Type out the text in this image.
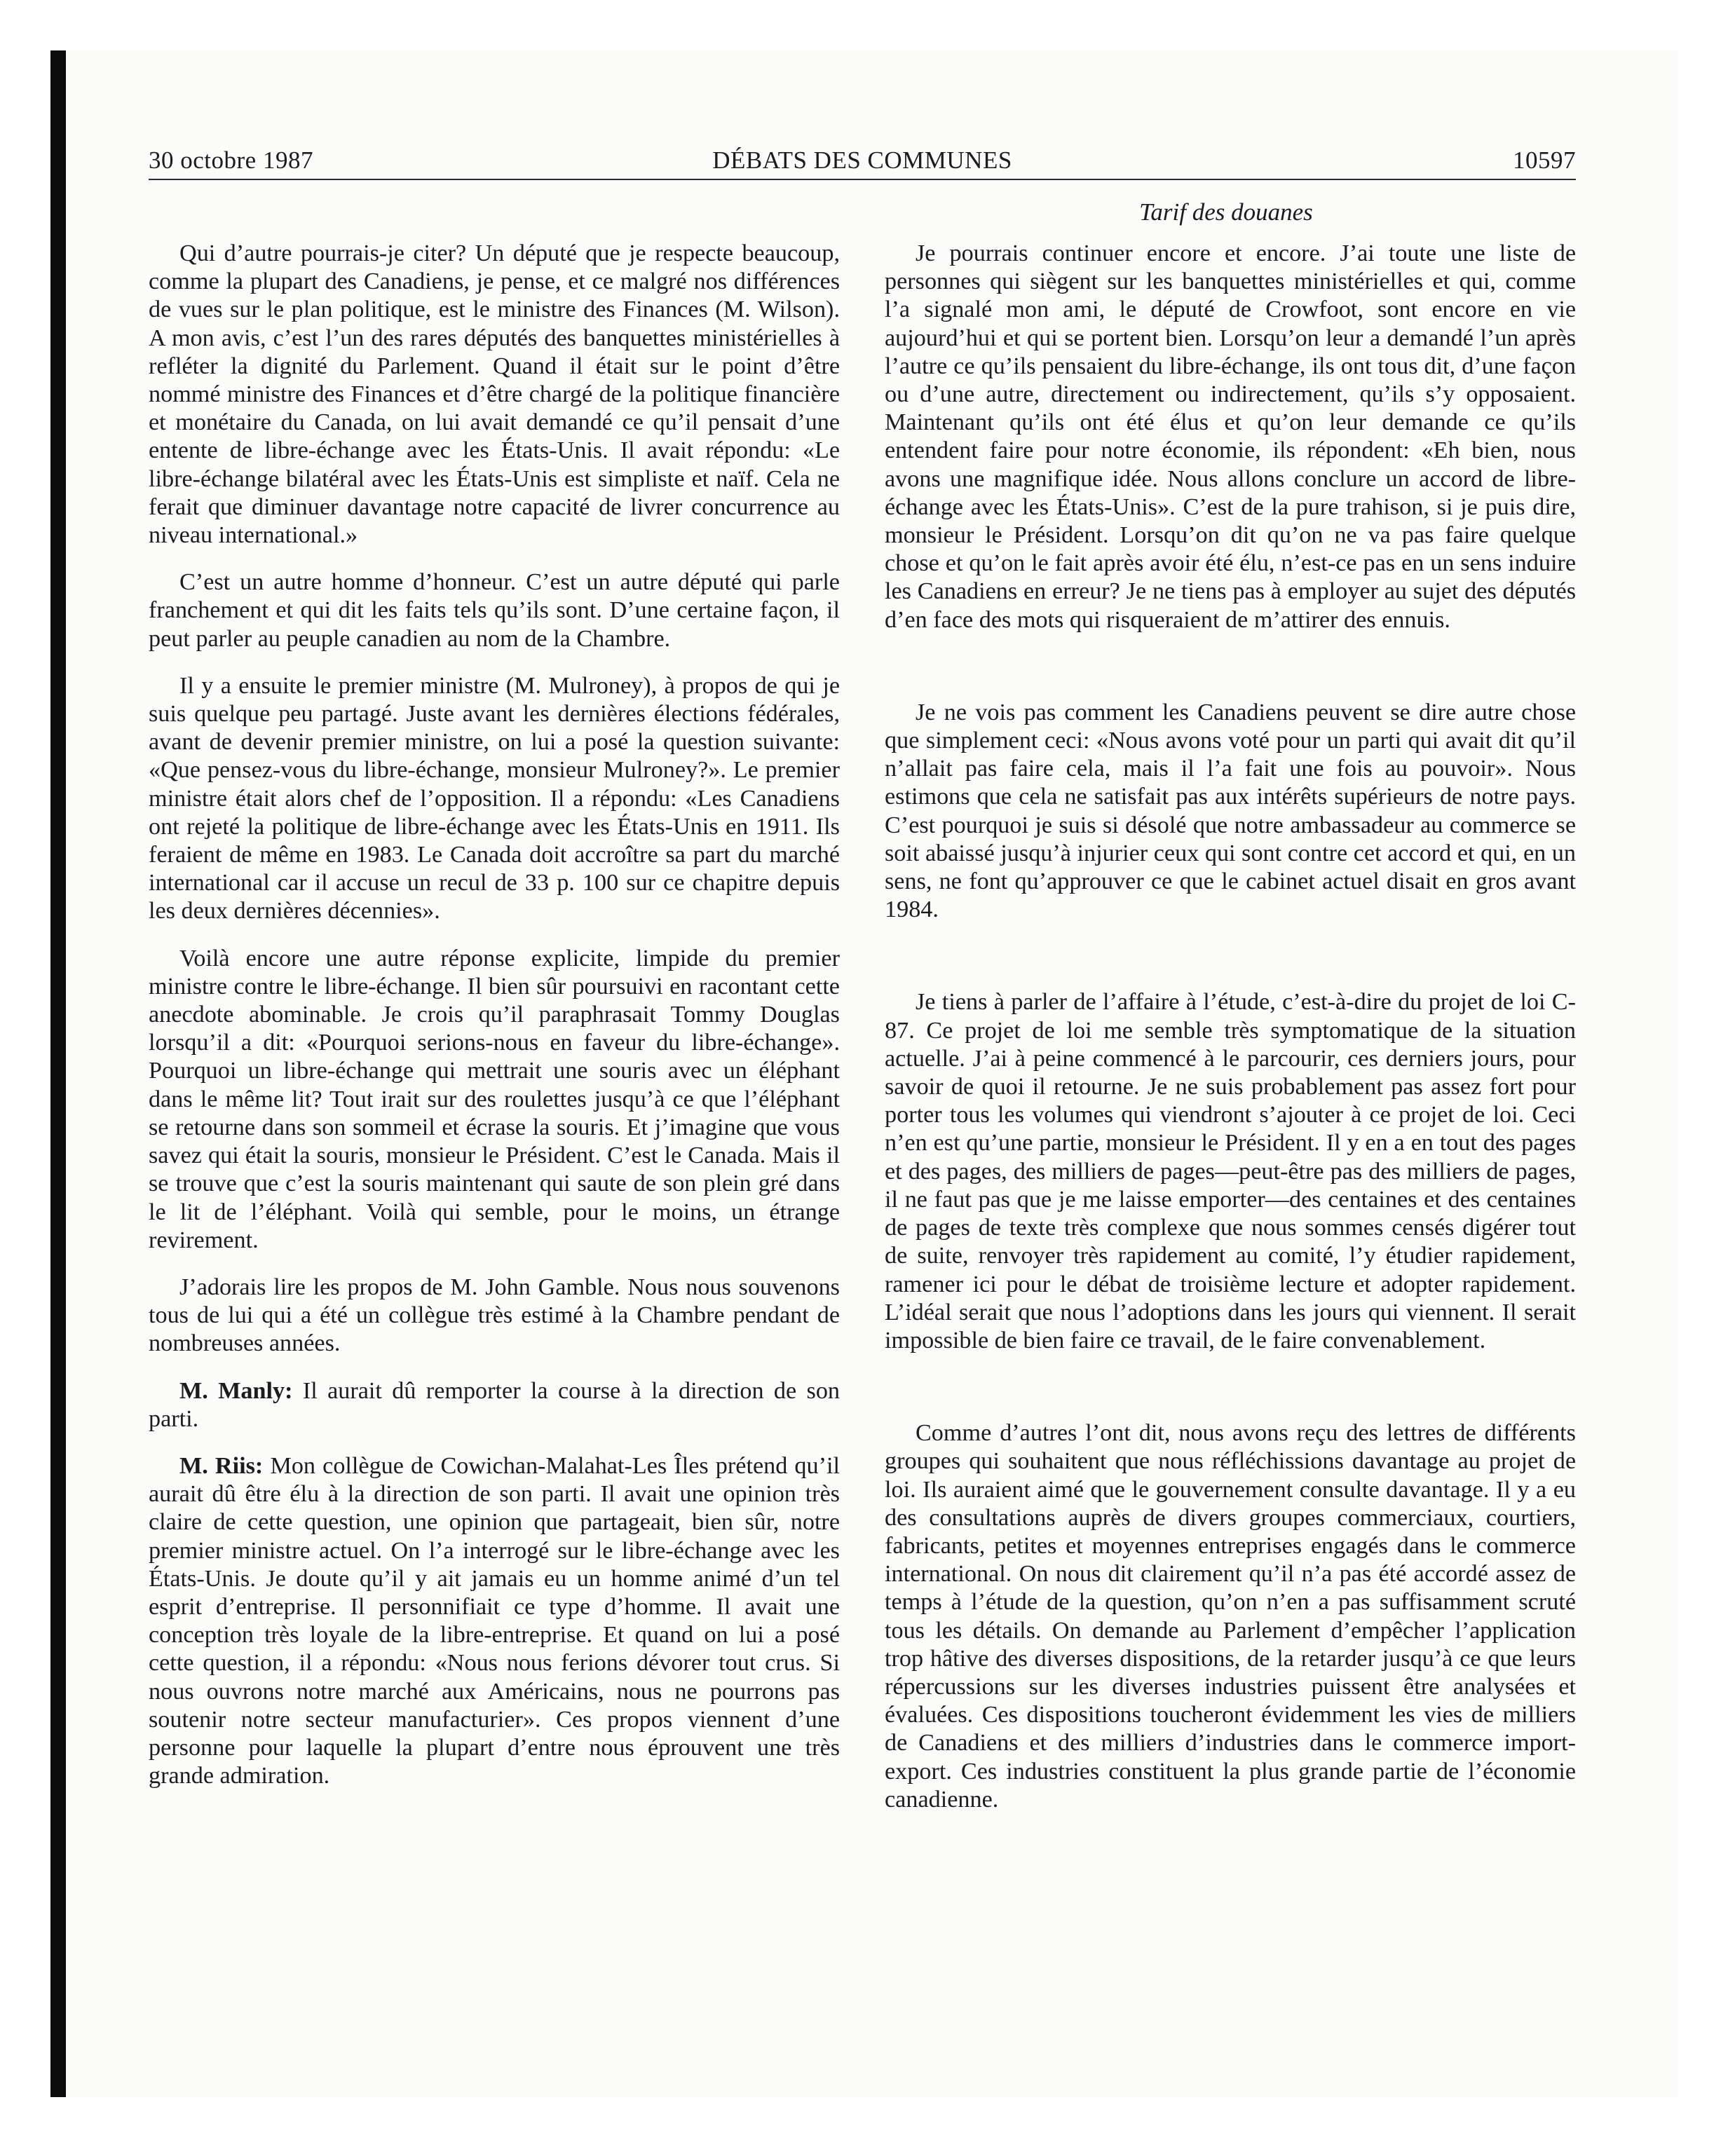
30 octobre 1987	DÉBATS DES COMMUNES	10597
Tarif des douanes

Qui d’autre pourrais-je citer? Un député que je respecte beaucoup, comme la plupart des Canadiens, je pense, et ce malgré nos différences de vues sur le plan politique, est le ministre des Finances (M. Wilson). A mon avis, c’est l’un des rares députés des banquettes ministérielles à refléter la dignité du Parlement. Quand il était sur le point d’être nommé ministre des Finances et d’être chargé de la politique financière et monétaire du Canada, on lui avait demandé ce qu’il pensait d’une entente de libre-échange avec les États-Unis. Il avait répondu: «Le libre-échange bilatéral avec les États-Unis est simpliste et naïf. Cela ne ferait que diminuer davantage notre capacité de livrer concurrence au niveau international.»

C’est un autre homme d’honneur. C’est un autre député qui parle franchement et qui dit les faits tels qu’ils sont. D’une certaine façon, il peut parler au peuple canadien au nom de la Chambre.

Il y a ensuite le premier ministre (M. Mulroney), à propos de qui je suis quelque peu partagé. Juste avant les dernières élections fédérales, avant de devenir premier ministre, on lui a posé la question suivante: «Que pensez-vous du libre-échange, monsieur Mulroney?». Le premier ministre était alors chef de l’opposition. Il a répondu: «Les Canadiens ont rejeté la politique de libre-échange avec les États-Unis en 1911. Ils feraient de même en 1983. Le Canada doit accroître sa part du marché international car il accuse un recul de 33 p. 100 sur ce chapitre depuis les deux dernières décennies».

Voilà encore une autre réponse explicite, limpide du premier ministre contre le libre-échange. Il bien sûr poursuivi en racontant cette anecdote abominable. Je crois qu’il paraphrasait Tommy Douglas lorsqu’il a dit: «Pourquoi serions-nous en faveur du libre-échange». Pourquoi un libre-échange qui mettrait une souris avec un éléphant dans le même lit? Tout irait sur des roulettes jusqu’à ce que l’éléphant se retourne dans son sommeil et écrase la souris. Et j’imagine que vous savez qui était la souris, monsieur le Président. C’est le Canada. Mais il se trouve que c’est la souris maintenant qui saute de son plein gré dans le lit de l’éléphant. Voilà qui semble, pour le moins, un étrange revirement.

J’adorais lire les propos de M. John Gamble. Nous nous souvenons tous de lui qui a été un collègue très estimé à la Chambre pendant de nombreuses années.

M. Manly: Il aurait dû remporter la course à la direction de son parti.

M. Riis: Mon collègue de Cowichan-Malahat-Les Îles prétend qu’il aurait dû être élu à la direction de son parti. Il avait une opinion très claire de cette question, une opinion que partageait, bien sûr, notre premier ministre actuel. On l’a interrogé sur le libre-échange avec les États-Unis. Je doute qu’il y ait jamais eu un homme animé d’un tel esprit d’entreprise. Il personnifiait ce type d’homme. Il avait une conception très loyale de la libre-entreprise. Et quand on lui a posé cette question, il a répondu: «Nous nous ferions dévorer tout crus. Si nous ouvrons notre marché aux Américains, nous ne pourrons pas soutenir notre secteur manufacturier». Ces propos viennent d’une personne pour laquelle la plupart d’entre nous éprouvent une très grande admiration.

Je pourrais continuer encore et encore. J’ai toute une liste de personnes qui siègent sur les banquettes ministérielles et qui, comme l’a signalé mon ami, le député de Crowfoot, sont encore en vie aujourd’hui et qui se portent bien. Lorsqu’on leur a demandé l’un après l’autre ce qu’ils pensaient du libre-échange, ils ont tous dit, d’une façon ou d’une autre, directement ou indirectement, qu’ils s’y opposaient. Maintenant qu’ils ont été élus et qu’on leur demande ce qu’ils entendent faire pour notre économie, ils répondent: «Eh bien, nous avons une magnifique idée. Nous allons conclure un accord de libre-échange avec les États-Unis». C’est de la pure trahison, si je puis dire, monsieur le Président. Lorsqu’on dit qu’on ne va pas faire quelque chose et qu’on le fait après avoir été élu, n’est-ce pas en un sens induire les Canadiens en erreur? Je ne tiens pas à employer au sujet des députés d’en face des mots qui risqueraient de m’attirer des ennuis.

Je ne vois pas comment les Canadiens peuvent se dire autre chose que simplement ceci: «Nous avons voté pour un parti qui avait dit qu’il n’allait pas faire cela, mais il l’a fait une fois au pouvoir». Nous estimons que cela ne satisfait pas aux intérêts supérieurs de notre pays. C’est pourquoi je suis si désolé que notre ambassadeur au commerce se soit abaissé jusqu’à injurier ceux qui sont contre cet accord et qui, en un sens, ne font qu’approuver ce que le cabinet actuel disait en gros avant 1984.

Je tiens à parler de l’affaire à l’étude, c’est-à-dire du projet de loi C-87. Ce projet de loi me semble très symptomatique de la situation actuelle. J’ai à peine commencé à le parcourir, ces derniers jours, pour savoir de quoi il retourne. Je ne suis probablement pas assez fort pour porter tous les volumes qui viendront s’ajouter à ce projet de loi. Ceci n’en est qu’une partie, monsieur le Président. Il y en a en tout des pages et des pages, des milliers de pages—peut-être pas des milliers de pages, il ne faut pas que je me laisse emporter—des centaines et des centaines de pages de texte très complexe que nous sommes censés digérer tout de suite, renvoyer très rapidement au comité, l’y étudier rapidement, ramener ici pour le débat de troisième lecture et adopter rapidement. L’idéal serait que nous l’adoptions dans les jours qui viennent. Il serait impossible de bien faire ce travail, de le faire convenablement.

Comme d’autres l’ont dit, nous avons reçu des lettres de différents groupes qui souhaitent que nous réfléchissions davantage au projet de loi. Ils auraient aimé que le gouvernement consulte davantage. Il y a eu des consultations auprès de divers groupes commerciaux, courtiers, fabricants, petites et moyennes entreprises engagés dans le commerce international. On nous dit clairement qu’il n’a pas été accordé assez de temps à l’étude de la question, qu’on n’en a pas suffisamment scruté tous les détails. On demande au Parlement d’empêcher l’application trop hâtive des diverses dispositions, de la retarder jusqu’à ce que leurs répercussions sur les diverses industries puissent être analysées et évaluées. Ces dispositions toucheront évidemment les vies de milliers de Canadiens et des milliers d’industries dans le commerce import-export. Ces industries constituent la plus grande partie de l’économie canadienne.
